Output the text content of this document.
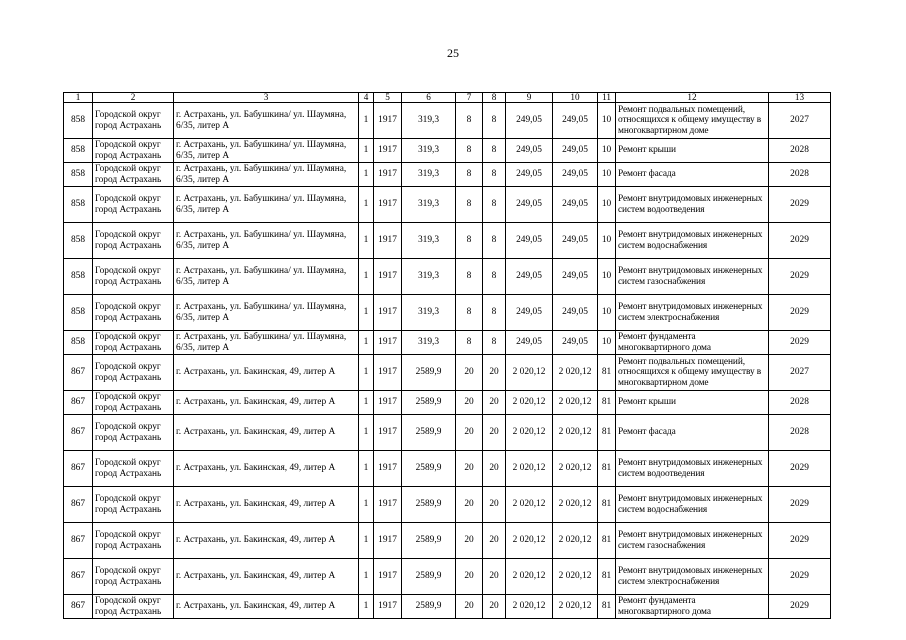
25
1	2	3	4	5	6	7	8	9	10	11	12	13
858	Городской округ город Астрахань	г. Астрахань, ул. Бабушкина/ ул. Шаумяна, 6/35, литер А	1	1917	319,3	8	8	249,05	249,05	10	Ремонт подвальных помещений, относящихся к общему имуществу в многоквартирном доме	2027
858	Городской округ город Астрахань	г. Астрахань, ул. Бабушкина/ ул. Шаумяна, 6/35, литер А	1	1917	319,3	8	8	249,05	249,05	10	Ремонт крыши	2028
858	Городской округ город Астрахань	г. Астрахань, ул. Бабушкина/ ул. Шаумяна, 6/35, литер А	1	1917	319,3	8	8	249,05	249,05	10	Ремонт фасада	2028
858	Городской округ город Астрахань	г. Астрахань, ул. Бабушкина/ ул. Шаумяна, 6/35, литер А	1	1917	319,3	8	8	249,05	249,05	10	Ремонт внутридомовых инженерных систем водоотведения	2029
858	Городской округ город Астрахань	г. Астрахань, ул. Бабушкина/ ул. Шаумяна, 6/35, литер А	1	1917	319,3	8	8	249,05	249,05	10	Ремонт внутридомовых инженерных систем водоснабжения	2029
858	Городской округ город Астрахань	г. Астрахань, ул. Бабушкина/ ул. Шаумяна, 6/35, литер А	1	1917	319,3	8	8	249,05	249,05	10	Ремонт внутридомовых инженерных систем газоснабжения	2029
858	Городской округ город Астрахань	г. Астрахань, ул. Бабушкина/ ул. Шаумяна, 6/35, литер А	1	1917	319,3	8	8	249,05	249,05	10	Ремонт внутридомовых инженерных систем электроснабжения	2029
858	Городской округ город Астрахань	г. Астрахань, ул. Бабушкина/ ул. Шаумяна, 6/35, литер А	1	1917	319,3	8	8	249,05	249,05	10	Ремонт фундамента многоквартирного дома	2029
867	Городской округ город Астрахань	г. Астрахань, ул. Бакинская, 49, литер А	1	1917	2589,9	20	20	2 020,12	2 020,12	81	Ремонт подвальных помещений, относящихся к общему имуществу в многоквартирном доме	2027
867	Городской округ город Астрахань	г. Астрахань, ул. Бакинская, 49, литер А	1	1917	2589,9	20	20	2 020,12	2 020,12	81	Ремонт крыши	2028
867	Городской округ город Астрахань	г. Астрахань, ул. Бакинская, 49, литер А	1	1917	2589,9	20	20	2 020,12	2 020,12	81	Ремонт фасада	2028
867	Городской округ город Астрахань	г. Астрахань, ул. Бакинская, 49, литер А	1	1917	2589,9	20	20	2 020,12	2 020,12	81	Ремонт внутридомовых инженерных систем водоотведения	2029
867	Городской округ город Астрахань	г. Астрахань, ул. Бакинская, 49, литер А	1	1917	2589,9	20	20	2 020,12	2 020,12	81	Ремонт внутридомовых инженерных систем водоснабжения	2029
867	Городской округ город Астрахань	г. Астрахань, ул. Бакинская, 49, литер А	1	1917	2589,9	20	20	2 020,12	2 020,12	81	Ремонт внутридомовых инженерных систем газоснабжения	2029
867	Городской округ город Астрахань	г. Астрахань, ул. Бакинская, 49, литер А	1	1917	2589,9	20	20	2 020,12	2 020,12	81	Ремонт внутридомовых инженерных систем электроснабжения	2029
867	Городской округ город Астрахань	г. Астрахань, ул. Бакинская, 49, литер А	1	1917	2589,9	20	20	2 020,12	2 020,12	81	Ремонт фундамента многоквартирного дома	2029
